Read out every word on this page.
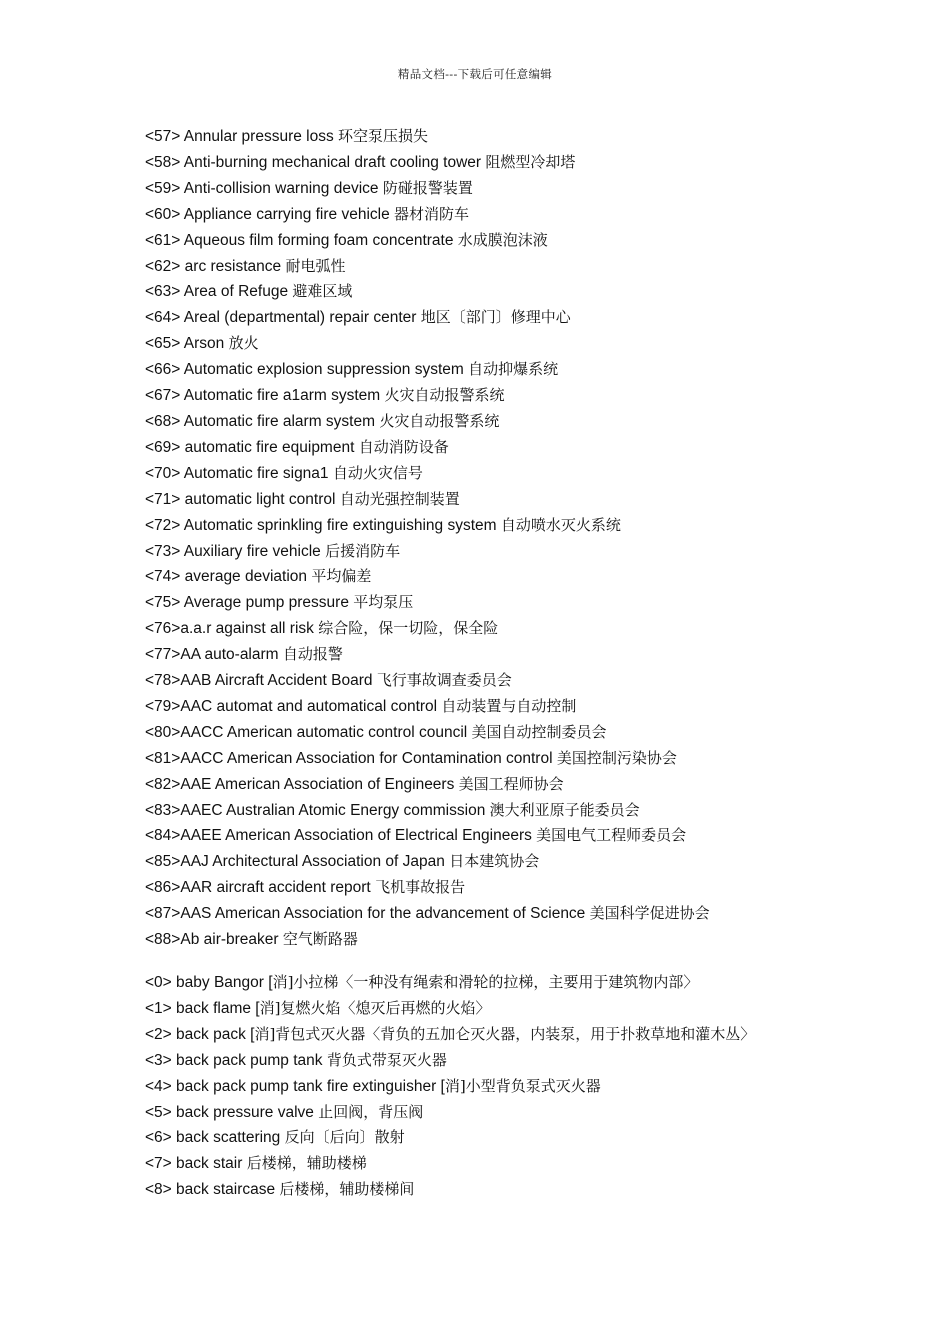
精品文档---下载后可任意编辑
<57> Annular pressure loss 环空泵压损失
<58> Anti-burning mechanical draft cooling tower 阻燃型冷却塔
<59> Anti-collision warning device 防碰报警装置
<60> Appliance carrying fire vehicle 器材消防车
<61> Aqueous film forming foam concentrate 水成膜泡沫液
<62> arc resistance 耐电弧性
<63> Area of Refuge 避难区域
<64> Areal (departmental) repair center 地区〔部门〕修理中心
<65> Arson 放火
<66> Automatic explosion suppression system 自动抑爆系统
<67> Automatic fire a1arm system 火灾自动报警系统
<68> Automatic fire alarm system 火灾自动报警系统
<69> automatic fire equipment 自动消防设备
<70> Automatic fire signa1 自动火灾信号
<71> automatic light control 自动光强控制装置
<72> Automatic sprinkling fire extinguishing system 自动喷水灭火系统
<73> Auxiliary fire vehicle 后援消防车
<74> average deviation 平均偏差
<75> Average pump pressure 平均泵压
<76>a.a.r against all risk 综合险，保一切险，保全险
<77>AA auto-alarm 自动报警
<78>AAB Aircraft Accident Board 飞行事故调查委员会
<79>AAC automat and automatical control 自动装置与自动控制
<80>AACC American automatic control council 美国自动控制委员会
<81>AACC American Association for Contamination control 美国控制污染协会
<82>AAE American Association of Engineers 美国工程师协会
<83>AAEC Australian Atomic Energy commission 澳大利亚原子能委员会
<84>AAEE American Association of Electrical Engineers 美国电气工程师委员会
<85>AAJ Architectural Association of Japan 日本建筑协会
<86>AAR aircraft accident report 飞机事故报告
<87>AAS American Association for the advancement of Science 美国科学促进协会
<88>Ab air-breaker 空气断路器
<0> baby Bangor [消]小拉梯〈一种没有绳索和滑轮的拉梯，主要用于建筑物内部〉
<1> back flame [消]复燃火焰〈熄灭后再燃的火焰〉
<2> back pack [消]背包式灭火器〈背负的五加仑灭火器，内装泵，用于扑救草地和灌木丛〉
<3> back pack pump tank 背负式带泵灭火器
<4> back pack pump tank fire extinguisher [消]小型背负泵式灭火器
<5> back pressure valve 止回阀，背压阀
<6> back scattering 反向〔后向〕散射
<7> back stair 后楼梯，辅助楼梯
<8> back staircase 后楼梯，辅助楼梯间
